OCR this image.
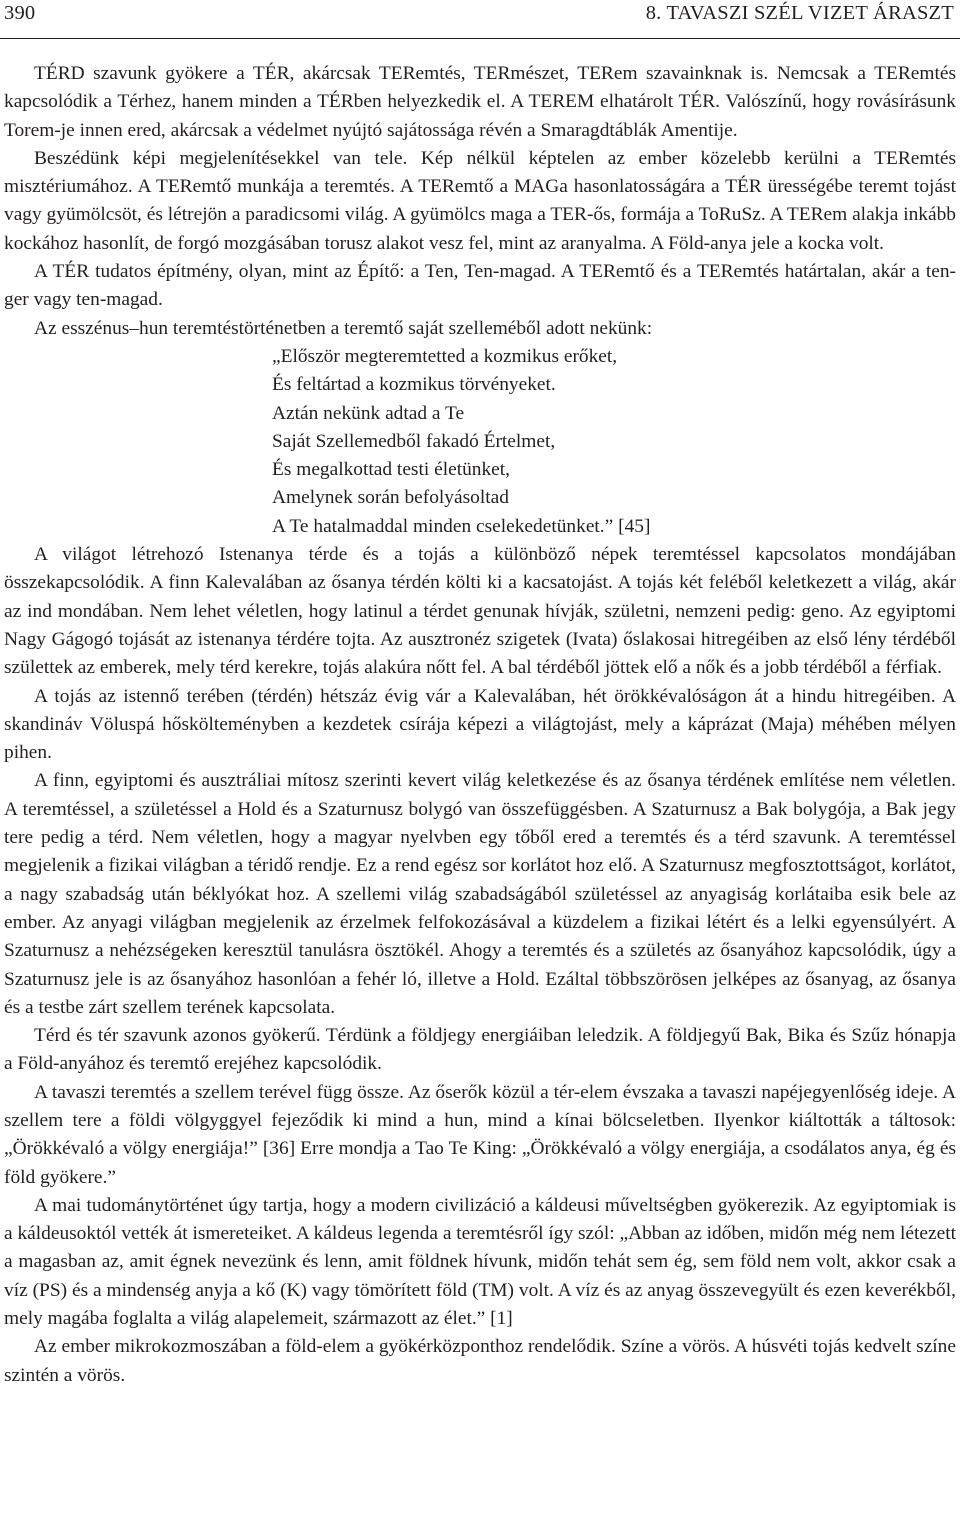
390	8. TAVASZI SZÉL VIZET ÁRASZT

TÉRD szavunk gyökere a TÉR, akárcsak TERemtés, TERmészet, TERem szavainknak is. Nemcsak a TERemtés kapcsolódik a Térhez, hanem minden a TÉRben helyezkedik el. A TEREM elhatárolt TÉR. Valószínű, hogy rovásírásunk Torem-je innen ered, akárcsak a védelmet nyújtó sajátossága révén a Smaragdtáblák Amentije.

Beszédünk képi megjelenítésekkel van tele. Kép nélkül képtelen az ember közelebb kerülni a TERemtés misztériumához. A TERemtő munkája a teremtés. A TERemtő a MAGa hasonlatosságára a TÉR ürességébe teremt tojást vagy gyümölcsöt, és létrejön a paradicsomi világ. A gyümölcs maga a TER-ős, formája a ToRuSz. A TERem alakja inkább kockához hasonlít, de forgó mozgásában torusz alakot vesz fel, mint az aranyalma. A Föld-anya jele a kocka volt.

A TÉR tudatos építmény, olyan, mint az Építő: a Ten, Ten-magad. A TERemtő és a TERemtés határtalan, akár a ten-ger vagy ten-magad.

Az esszénus–hun teremtéstörténetben a teremtő saját szelleméből adott nekünk:

„Először megteremtetted a kozmikus erőket,
És feltártad a kozmikus törvényeket.
Aztán nekünk adtad a Te
Saját Szellemedből fakadó Értelmet,
És megalkottad testi életünket,
Amelynek során befolyásoltad
A Te hatalmaddal minden cselekedetünket.” [45]

A világot létrehozó Istenanya térde és a tojás a különböző népek teremtéssel kapcsolatos mondájában összekapcsolódik. A finn Kalevalában az ősanya térdén költi ki a kacsatojást. A tojás két feléből keletkezett a világ, akár az ind mondában. Nem lehet véletlen, hogy latinul a térdet genunak hívják, születni, nemzeni pedig: geno. Az egyiptomi Nagy Gágogó tojását az istenanya térdére tojta. Az ausztronéz szigetek (Ivata) őslakosai hitregéiben az első lény térdéből születtek az emberek, mely térd kerekre, tojás alakúra nőtt fel. A bal térdéből jöttek elő a nők és a jobb térdéből a férfiak.

A tojás az istennő terében (térdén) hétszáz évig vár a Kalevalában, hét örökkévalóságon át a hindu hitregéiben. A skandináv Völuspá hőskölteményben a kezdetek csírája képezi a világtojást, mely a káprázat (Maja) méhében mélyen pihen.

A finn, egyiptomi és ausztráliai mítosz szerinti kevert világ keletkezése és az ősanya térdének említése nem véletlen. A teremtéssel, a születéssel a Hold és a Szaturnusz bolygó van összefüggésben. A Szaturnusz a Bak bolygója, a Bak jegy tere pedig a térd. Nem véletlen, hogy a magyar nyelvben egy tőből ered a teremtés és a térd szavunk. A teremtéssel megjelenik a fizikai világban a téridő rendje. Ez a rend egész sor korlátot hoz elő. A Szaturnusz megfosztottságot, korlátot, a nagy szabadság után béklyókat hoz. A szellemi világ szabadságából születéssel az anyagiság korlátaiba esik bele az ember. Az anyagi világban megjelenik az érzelmek felfokozásával a küzdelem a fizikai létért és a lelki egyensúlyért. A Szaturnusz a nehézségeken keresztül tanulásra ösztökél. Ahogy a teremtés és a születés az ősanyához kapcsolódik, úgy a Szaturnusz jele is az ősanyához hasonlóan a fehér ló, illetve a Hold. Ezáltal többszörösen jelképes az ősanyag, az ősanya és a testbe zárt szellem terének kapcsolata.

Térd és tér szavunk azonos gyökerű. Térdünk a földjegy energiáiban leledzik. A földjegyű Bak, Bika és Szűz hónapja a Föld-anyához és teremtő erejéhez kapcsolódik.

A tavaszi teremtés a szellem terével függ össze. Az őserők közül a tér-elem évszaka a tavaszi napéjegyenlőség ideje. A szellem tere a földi völgyggyel fejeződik ki mind a hun, mind a kínai bölcseletben. Ilyenkor kiáltották a táltosok: „Örökkévaló a völgy energiája!” [36] Erre mondja a Tao Te King: „Örökkévaló a völgy energiája, a csodálatos anya, ég és föld gyökere.”

A mai tudománytörténet úgy tartja, hogy a modern civilizáció a káldeusi műveltségben gyökerezik. Az egyiptomiak is a káldeusoktól vették át ismereteiket. A káldeus legenda a teremtésről így szól: „Abban az időben, midőn még nem létezett a magasban az, amit égnek nevezünk és lenn, amit földnek hívunk, midőn tehát sem ég, sem föld nem volt, akkor csak a víz (PS) és a mindenség anyja a kő (K) vagy tömörített föld (TM) volt. A víz és az anyag összevegyült és ezen keverékből, mely magába foglalta a világ alapelemeit, származott az élet.” [1]

Az ember mikrokozmoszában a föld-elem a gyökérközponthoz rendelődik. Színe a vörös. A húsvéti tojás kedvelt színe szintén a vörös.
